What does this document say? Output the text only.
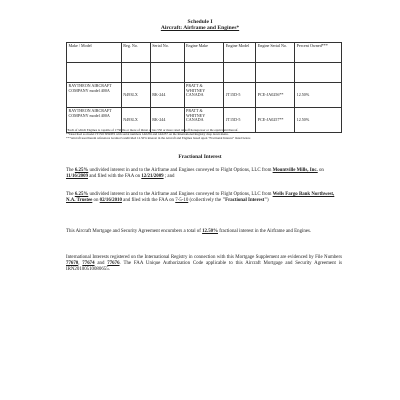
Schedule I
Aircraft: Airframe and Engines*
Make / Model	Reg. No.	Serial No.	Engine Make	Engine Model	Engine Serial No.	Percent Owned***

RAYTHEON AIRCRAFT COMPANY model 400A	N493LX	RK-244	PRATT & WHITNEY CANADA	JT15D-5	PCE-JA0256**	12.50%
RAYTHEON AIRCRAFT COMPANY model 400A	N493LX	RK-244	PRATT & WHITNEY CANADA	JT15D-5	PCE-JA0257**	12.50%

*Each of which Engines is capable of 1750 lbs or more of thrust or has 550 or more rated takeoff horsepower or the equivalent thereof.

**Described as model JT15D SERIES with serial numbers JA0256 and JA0257 on the International Registry drop down menu.

***Aircraft used herein references Grantor's undivided 12.50% interest in the Aircraft and Engines based upon "Fractional Interest" listed below.

Fractional Interest

The 6.25% undivided interest in and to the Airframe and Engines conveyed to Flight Options, LLC from Mountville Mills, Inc. on 11/16/2009 and filed with the FAA on 12/21/2009 ; and

The 6.25% undivided interest in and to the Airframe and Engines conveyed to Flight Options, LLC from Wells Fargo Bank Northwest, N.A. Trustee on 02/16/2010 and filed with the FAA on 7-5-10 (collectively the "Fractional Interest")

This Aircraft Mortgage and Security Agreement encumbers a total of 12.50% fractional interest in the Airframe and Engines.

International Interests registered on the International Registry in connection with this Mortgage Supplement are evidenced by File Numbers 77670, 77674 and 77676. The FAA Unique Authorization Code applicable to this Aircraft Mortgage and Security Agreement is IRN20100510080655.
